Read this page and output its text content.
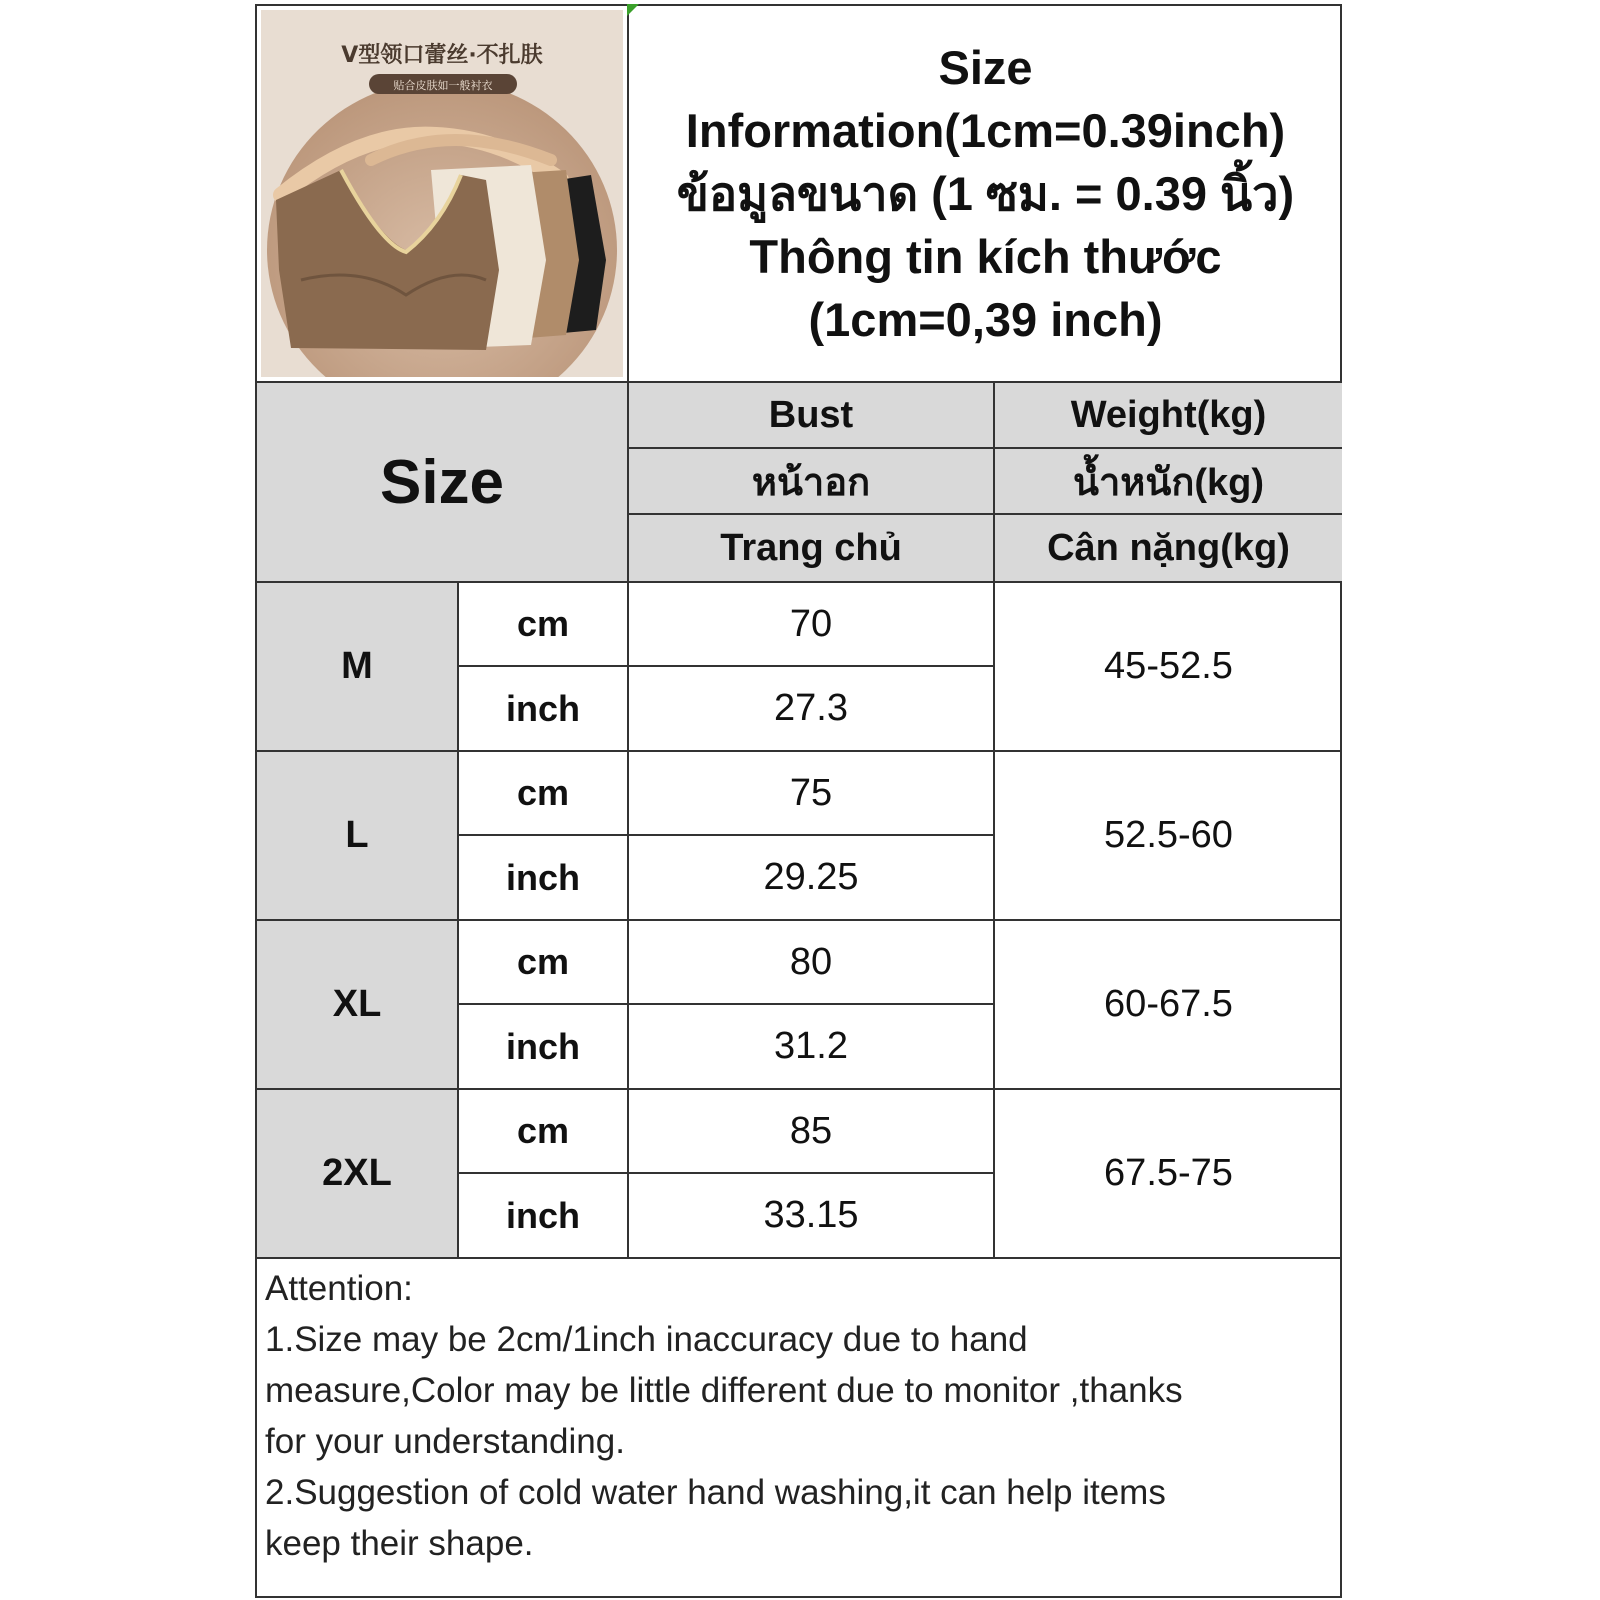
V型领口蕾丝·不扎肤
贴合皮肤如一般衬衣	Size
Information(1cm=0.39inch)
ข้อมูลขนาด (1 ซม. = 0.39 นิ้ว)
Thông tin kích thước
(1cm=0,39 inch)
Size
Bust
หน้าอก
Trang chủ
Weight(kg)
น้ำหนัก(kg)
Cân nặng(kg)
M
cm
inch
70
27.3
45-52.5
L
cm
inch
75
29.25
52.5-60
XL
cm
inch
80
31.2
60-67.5
2XL
cm
inch
85
33.15
67.5-75
Attention:
1.Size may be 2cm/1inch inaccuracy due to hand
measure,Color may be little different due to monitor ,thanks
for your understanding.
2.Suggestion of cold water hand washing,it can help items
keep their shape.
